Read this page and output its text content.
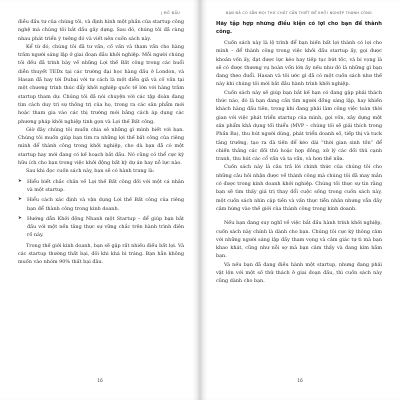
| MỞ ĐẦU

điều đầu tư của chúng tôi, và định hình một phần của startup công nghệ mà chúng tôi bắt đầu gây dựng. Sau đó, chúng tôi đã cùng nhau phát triển ý tưởng đó và viết nên cuốn sách này.

Kể từ đó, chúng tôi đã tư vấn, cố vấn và tham vấn cho hàng trăm người sáng lập ở giai đoạn đầu khởi nghiệp. Mỗi người chúng tôi đều đã trình bày về những Lợi thế Bất công trong các buổi diễn thuyết TEDx tại các trường đại học hàng đầu ở London, và Hasan đã hay tới Dubai với tư cách là một diễn giả và cố vấn tại một chương trình thúc đẩy khởi nghiệp quốc tế lớn với hàng trăm startup tham dự. Chúng tôi đã nói chuyện với các tập đoàn đang tìm cách duy trì sự thống trị của họ, trong ra các sản phẩm mới hoặc tham gia vào các thị trường mới bằng cách áp dụng các phương pháp khởi nghiệp tinh gọn và Lợi thế Bất công.

Giờ đây chúng tôi muốn chia sẻ những gì mình biết với bạn. Chúng tôi muốn giúp bạn tìm ra những lợi thế bất công của riêng mình để thành công trong khởi nghiệp, cho dù bạn đã có một startup hay mới đang có kế hoạch bắt đầu. Nó cũng có thể cực kỳ hữu ích cho bạn trong việc khởi động bất kỳ dự án hay nỗ lực nào.

Sau khi đọc cuốn sách này, bạn sẽ có hành trang là:

➤ Hiểu biết chắc chắn về Lợi thế Bất công đối với một cá nhân và một startup.
➤ Hiểu cách xác định và vận dụng Lợi thế Bất công của riêng bạn để thành công trong kinh doanh.
➤ Hướng dẫn Khởi động Nhanh một Startup – để giúp bạn bắt đầu với một nền tảng thực sự vững chắc trên hành trình điên rồ này.

Trong thế giới kinh doanh, bạn sẽ gặp rất nhiều điều bất lợi. Và các startup thường thất bại, đôi khi khá bi tráng. Bạn hẳn không muốn vào nhóm 90% thất bại đâu.

16
BẠN ĐÃ CÓ SẴN MỌI THỨ CHẤT CẦN THIẾT ĐỂ KHỞI NGHIỆP THÀNH CÔNG
Hãy tập hợp những điều kiện có lợi cho bạn để thành công.

Cuốn sách này là lộ trình để bạn biến bất lợi thành có lợi cho mình – để thành công trong việc khởi đầu startup ấy, gọi được khoản vốn ấy, đạt được lực kéo hay tiếp tục bứt tốc, và bí vọng là sẽ có được thương vụ hoàn vốn lớn ấy nếu như đó là những gì bạn đang theo đuổi. Hasan và tôi ước gì đã có một cuốn sách như thế này khi chúng tôi mới bắt đầu hành trình khởi nghiệp.

Cuốn sách này sẽ giúp bạn bắt kế hạn có đang gặp phải thách thức nào, đó là bạn đang cần tìm người đồng sáng lập, hay khiến khách hàng đầu tiên, trong khi đang phải làm công việc toàn thời gian với việc phát triển startup của mình, gọi vốn, xây dựng một sản phẩm khả dụng tối thiểu (MVP – chúng tôi sẽ giải thích trong Phần Ba), thu hút người dùng, phát triển doanh số, tiếp thị và tuck tăng trưởng, tạo ra đà tiến để kéo dài “thời gian sinh tồn” để chiến thắng các đối thủ hoặc hợp đồng, xử lý các đối thủ cạnh tranh, thu hút các cổ vấn và ta vấn, và hơn thế nữa.

Cuốn sách này là câu trả lời chính thức của chúng tôi cho những câu hỏi nhận được về thành công mà chúng tôi đã may mắn có được trong kinh doanh khởi nghiệp. Chúng tôi thực sự tin rằng bạn sẽ tìm thấy giá trị thay đổi cuộc sống trong cuốn sách này, một cuốn sách nhìn cặp tiền và vấn thực tiễn nhân nhưng vẫn đầy cảm hứng vào thế giới của thành công trong kinh doanh.

Nếu bạn đang suy nghĩ về việc bắt đầu hành trình khởi nghiệp, cuốn sách này chính là dành cho bạn. Chúng tôi cực kỳ thông cảm với những người sáng lập đầy tham vọng và cảm giác tự ti mà bạn khao khát, cũng như nỗi sợ mà bạn cảm thấy và đang kìm hãm bạn.

Và nếu bạn đã đang điều hành một startup, nhưng đang phải vật lộn với một số thử thách ở giai đoạn đầu, thì cuốn sách này cũng dành cho bạn.

16
